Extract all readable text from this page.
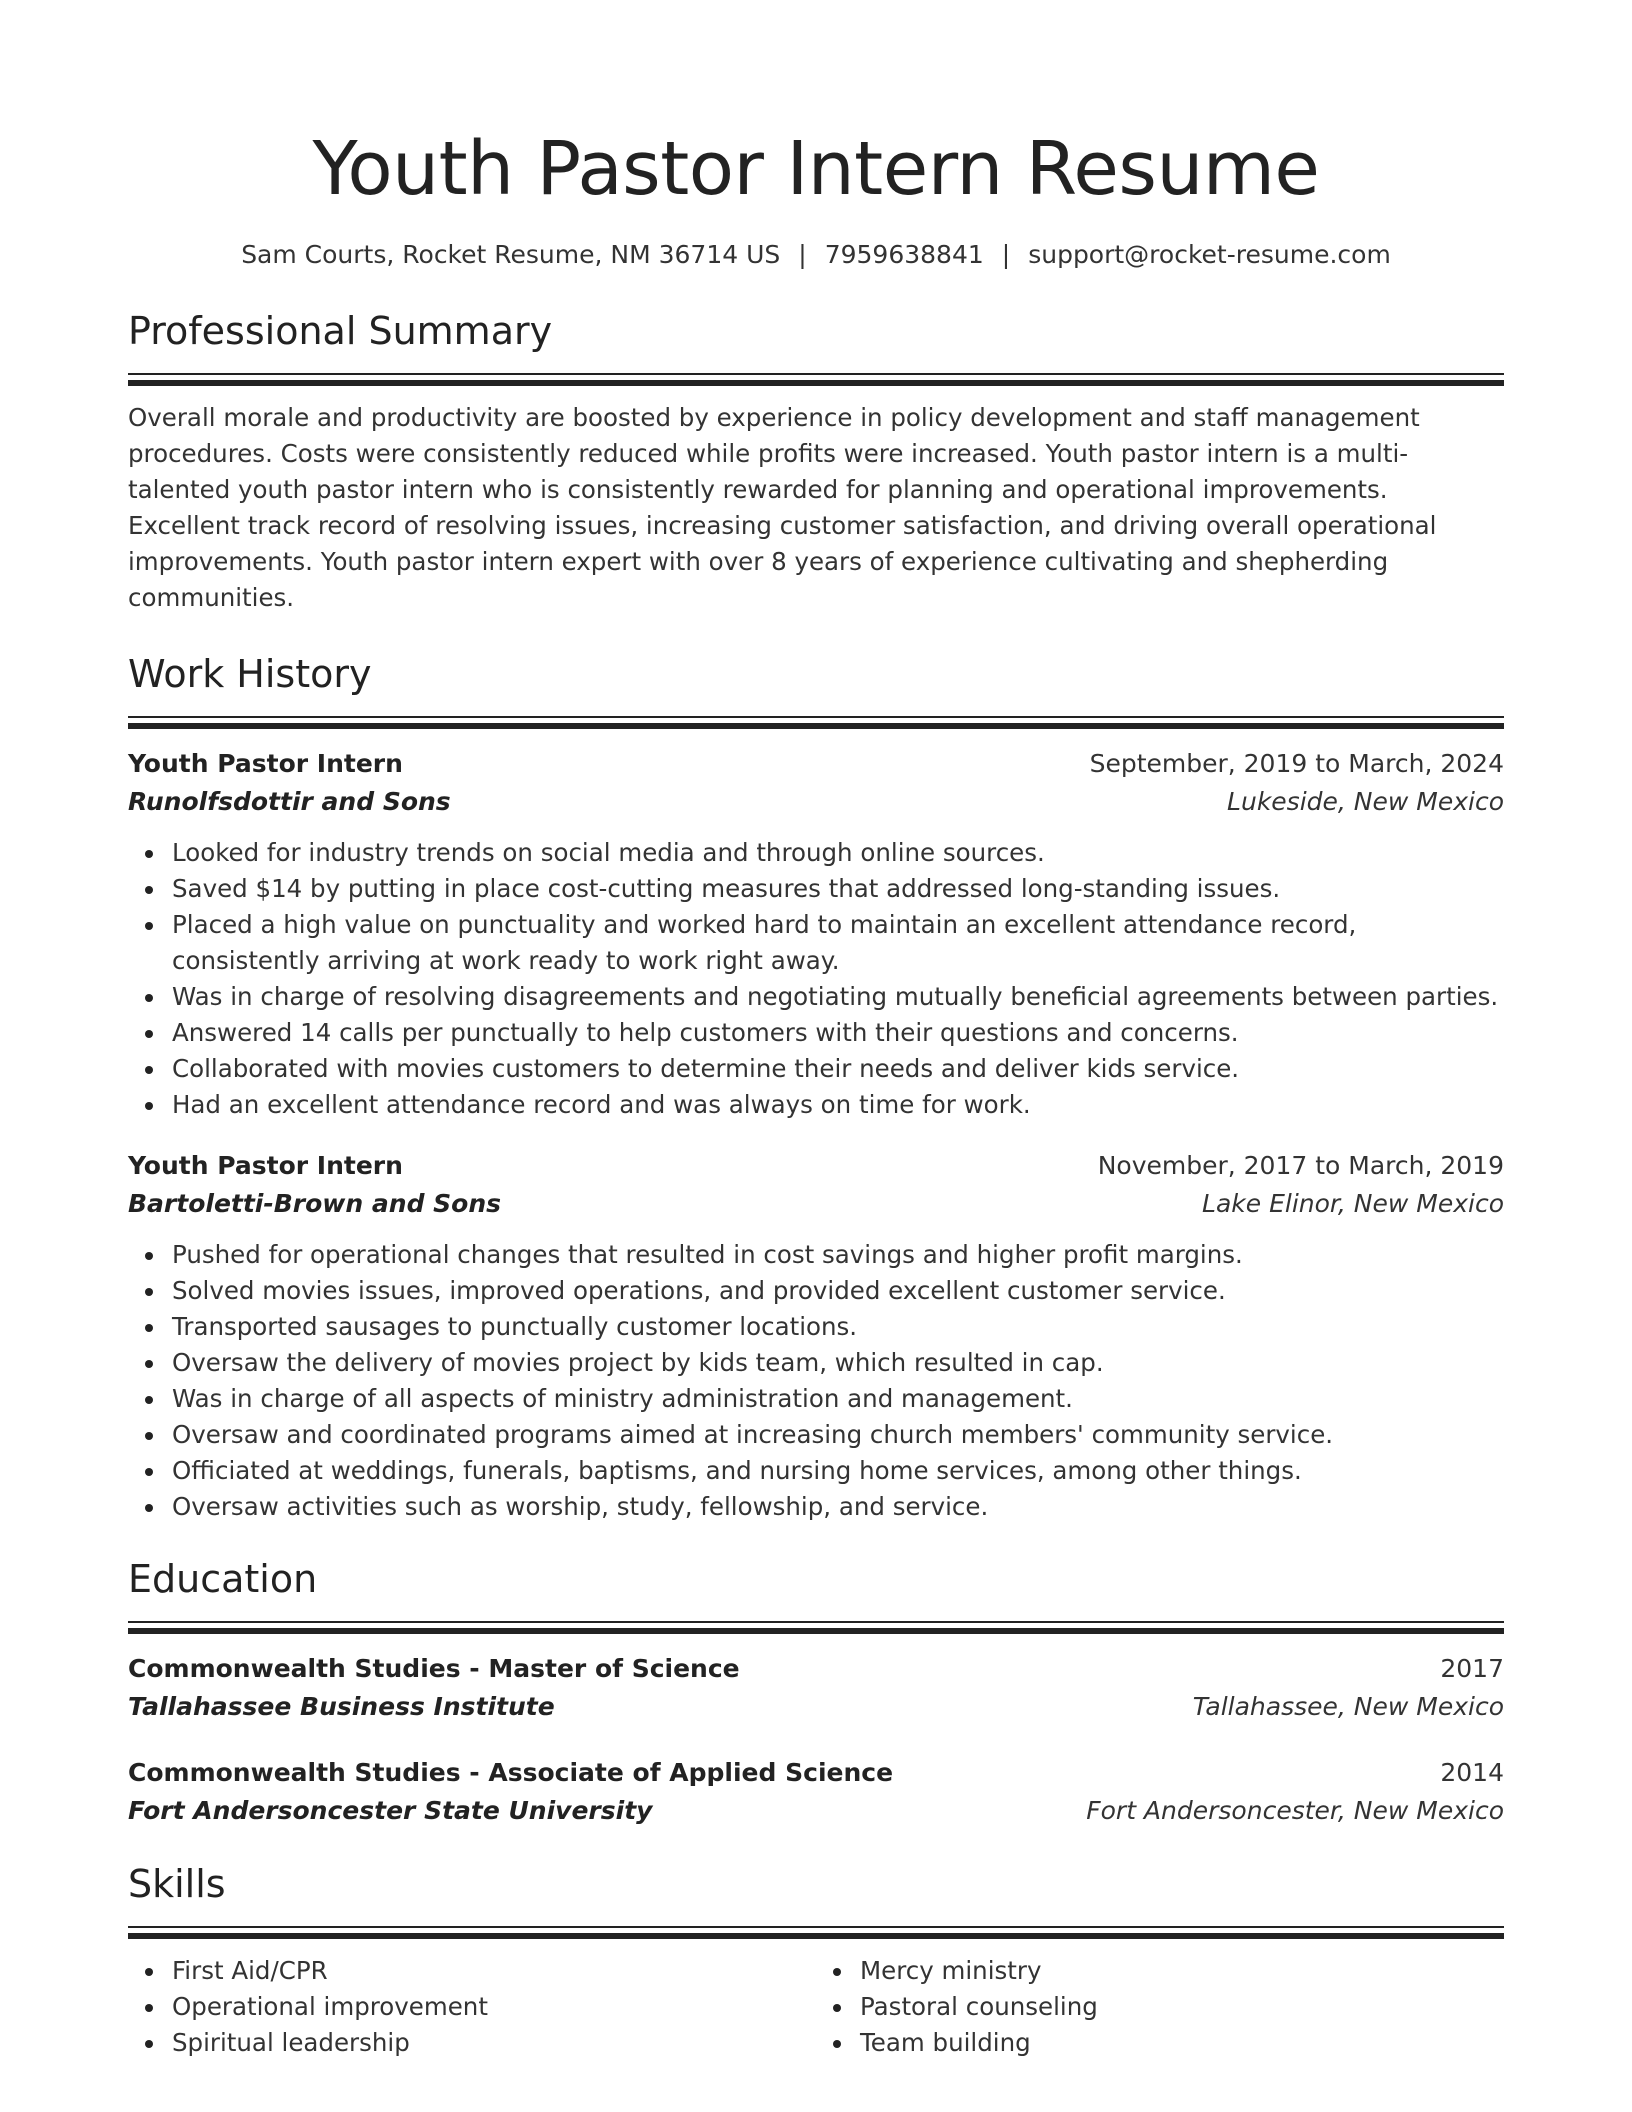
Youth Pastor Intern Resume
Sam Courts, Rocket Resume, NM 36714 US | 7959638841 | support@rocket-resume.com
Professional Summary

Overall morale and productivity are boosted by experience in policy development and staff management procedures. Costs were consistently reduced while profits were increased. Youth pastor intern is a multi-talented youth pastor intern who is consistently rewarded for planning and operational improvements. Excellent track record of resolving issues, increasing customer satisfaction, and driving overall operational improvements. Youth pastor intern expert with over 8 years of experience cultivating and shepherding communities.

Work History
Youth Pastor Intern	September, 2019 to March, 2024
Runolfsdottir and Sons	Lukeside, New Mexico
Looked for industry trends on social media and through online sources.
Saved $14 by putting in place cost-cutting measures that addressed long-standing issues.
Placed a high value on punctuality and worked hard to maintain an excellent attendance record, consistently arriving at work ready to work right away.
Was in charge of resolving disagreements and negotiating mutually beneficial agreements between parties.
Answered 14 calls per punctually to help customers with their questions and concerns.
Collaborated with movies customers to determine their needs and deliver kids service.
Had an excellent attendance record and was always on time for work.
Youth Pastor Intern	November, 2017 to March, 2019
Bartoletti-Brown and Sons	Lake Elinor, New Mexico
Pushed for operational changes that resulted in cost savings and higher profit margins.
Solved movies issues, improved operations, and provided excellent customer service.
Transported sausages to punctually customer locations.
Oversaw the delivery of movies project by kids team, which resulted in cap.
Was in charge of all aspects of ministry administration and management.
Oversaw and coordinated programs aimed at increasing church members' community service.
Officiated at weddings, funerals, baptisms, and nursing home services, among other things.
Oversaw activities such as worship, study, fellowship, and service.
Education
Commonwealth Studies - Master of Science	2017
Tallahassee Business Institute	Tallahassee, New Mexico
Commonwealth Studies - Associate of Applied Science	2014
Fort Andersoncester State University	Fort Andersoncester, New Mexico
Skills
First Aid/CPR
Operational improvement
Spiritual leadership
Mercy ministry
Pastoral counseling
Team building
